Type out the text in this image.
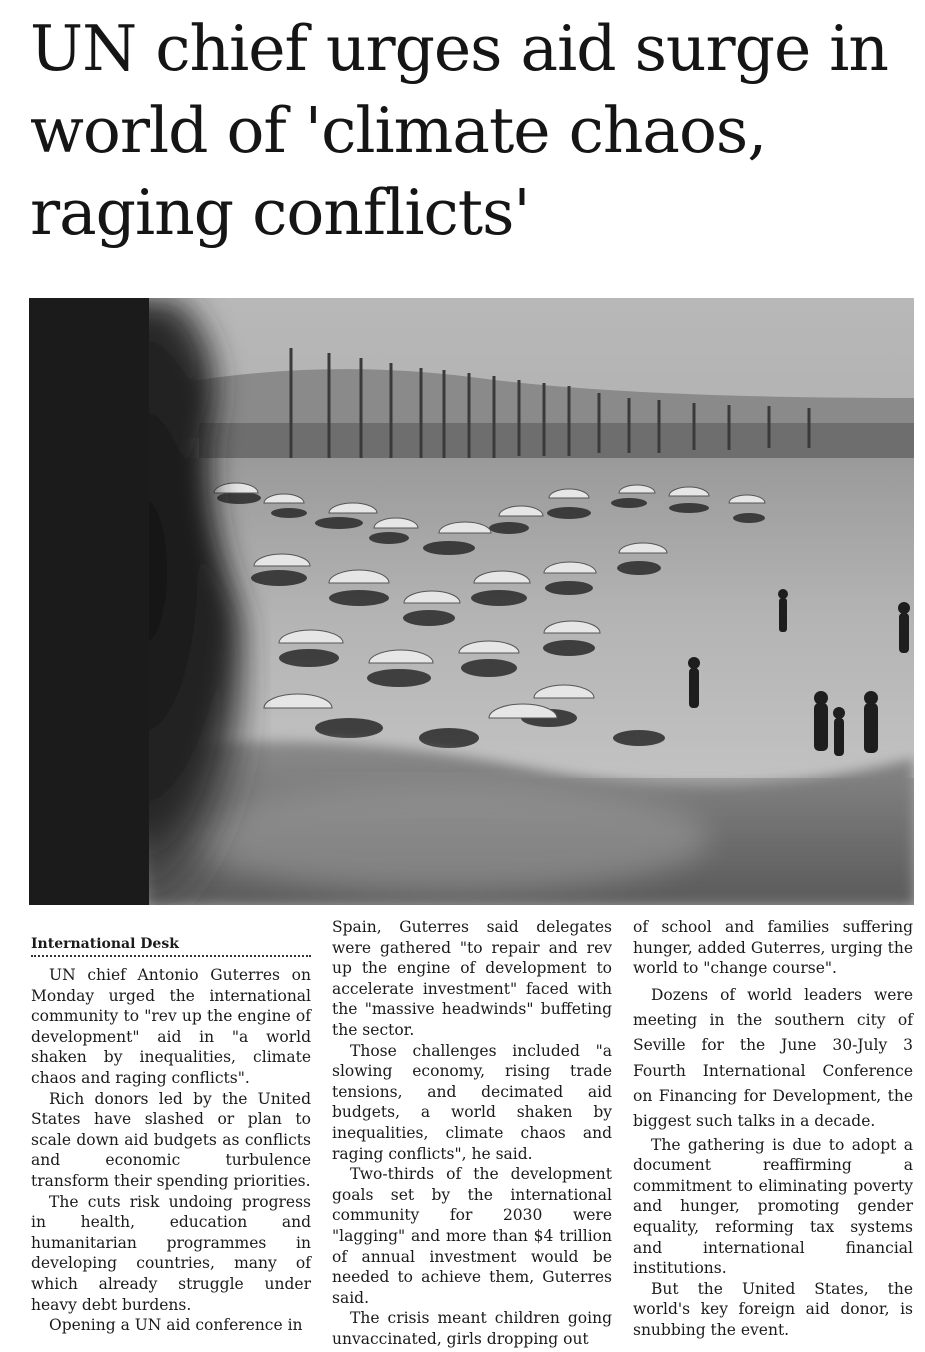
UN chief urges aid surge in world of 'climate chaos, raging conflicts'
International Desk

UN chief Antonio Guterres on Monday urged the international community to "rev up the engine of development" aid in "a world shaken by inequalities, climate chaos and raging conflicts".

Rich donors led by the United States have slashed or plan to scale down aid budgets as conflicts and economic turbulence transform their spending priorities.

The cuts risk undoing progress in health, education and humanitarian programmes in developing countries, many of which already struggle under heavy debt burdens.

Opening a UN aid conference in

Spain, Guterres said delegates were gathered "to repair and rev up the engine of development to accelerate investment" faced with the "massive headwinds" buffeting the sector.

Those challenges included "a slowing economy, rising trade tensions, and decimated aid budgets, a world shaken by inequalities, climate chaos and raging conflicts", he said.

Two-thirds of the development goals set by the international community for 2030 were "lagging" and more than $4 trillion of annual investment would be needed to achieve them, Guterres said.

The crisis meant children going unvaccinated, girls dropping out

of school and families suffering hunger, added Guterres, urging the world to "change course".

Dozens of world leaders were meeting in the southern city of Seville for the June 30-July 3 Fourth International Conference on Financing for Development, the biggest such talks in a decade.

The gathering is due to adopt a document reaffirming a commitment to eliminating poverty and hunger, promoting gender equality, reforming tax systems and international financial institutions.

But the United States, the world's key foreign aid donor, is snubbing the event.
